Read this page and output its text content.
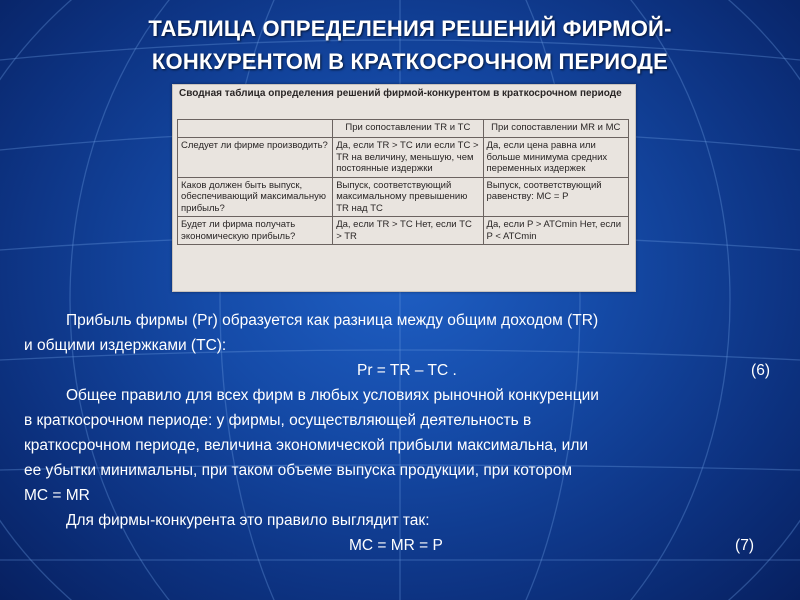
ТАБЛИЦА ОПРЕДЕЛЕНИЯ РЕШЕНИЙ ФИРМОЙ-
КОНКУРЕНТОМ В КРАТКОСРОЧНОМ ПЕРИОДЕ
Сводная таблица определения решений фирмой-конкурентом в краткосрочном периоде
	При сопоставлении TR и TC	При сопоставлении MR и MC
Следует ли фирме производить?	Да, если TR > TC или если TC > TR на величину, меньшую, чем постоянные издержки	Да, если цена равна или больше минимума средних переменных издержек
Каков должен быть выпуск, обеспечивающий максимальную прибыль?	Выпуск, соответствующий максимальному превышению TR над TC	Выпуск, соответствующий равенству: MC = P
Будет ли фирма получать экономическую прибыль?	Да, если TR > TC Нет, если TC > TR	Да, если P > ATCmin Нет, если P < ATCmin
Прибыль фирмы (Pr) образуется как разница между общим доходом (TR)
и общими издержками (TC):
Pr = TR – TC .	(6)
Общее правило для всех фирм в любых условиях рыночной конкуренции
в краткосрочном периоде: у фирмы, осуществляющей деятельность в
краткосрочном периоде, величина экономической прибыли максимальна, или
ее убытки минимальны, при таком объеме выпуска продукции, при котором
MC = MR
Для фирмы-конкурента это правило выглядит так:
MC = MR = P	(7)
